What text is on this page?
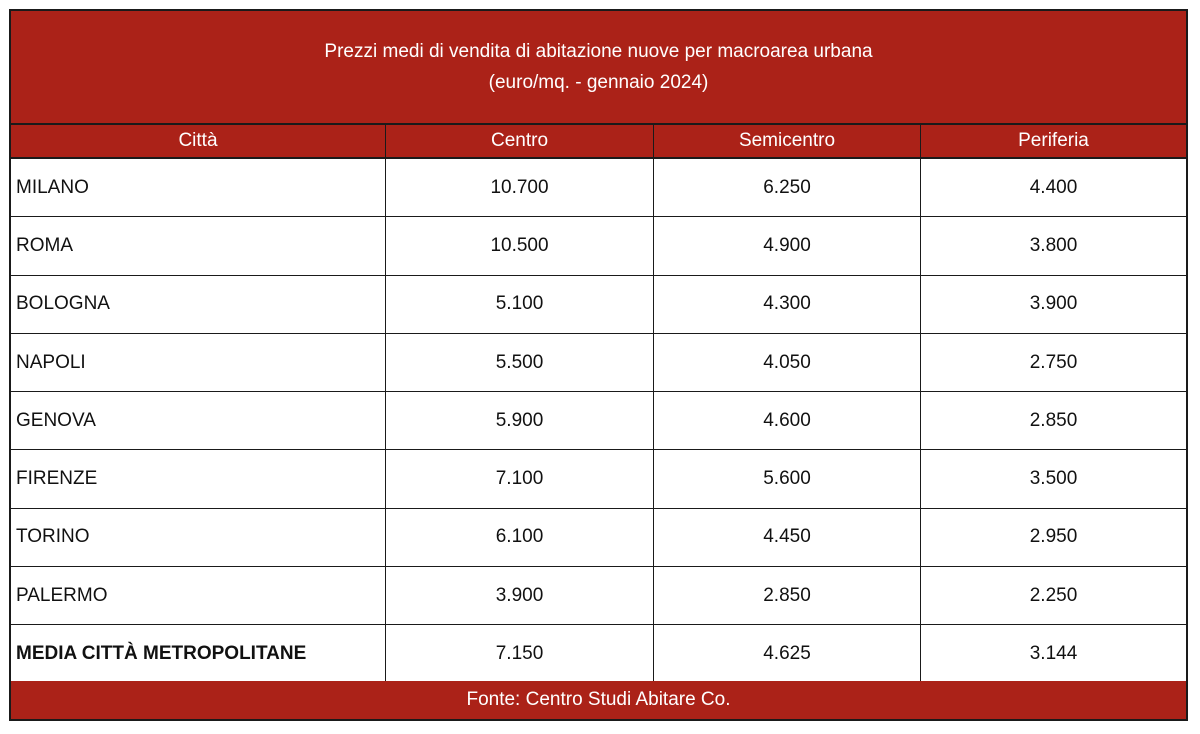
Prezzi medi di vendita di abitazione nuove per macroarea urbana
(euro/mq. - gennaio 2024)
Città	Centro	Semicentro	Periferia
MILANO	10.700	6.250	4.400
ROMA	10.500	4.900	3.800
BOLOGNA	5.100	4.300	3.900
NAPOLI	5.500	4.050	2.750
GENOVA	5.900	4.600	2.850
FIRENZE	7.100	5.600	3.500
TORINO	6.100	4.450	2.950
PALERMO	3.900	2.850	2.250
MEDIA CITTÀ METROPOLITANE	7.150	4.625	3.144
Fonte: Centro Studi Abitare Co.
